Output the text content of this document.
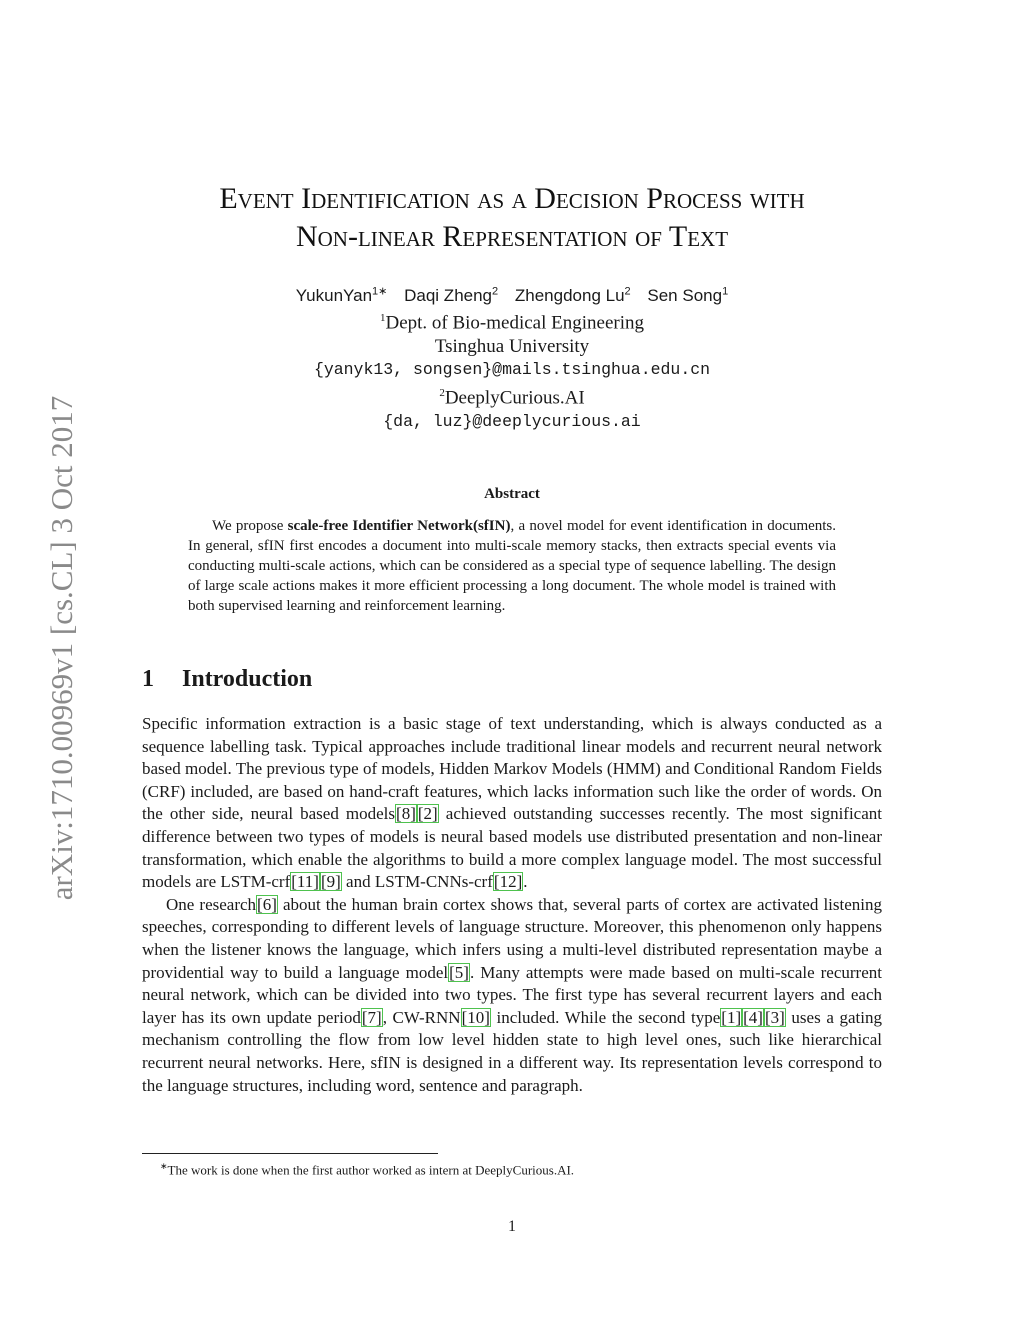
arXiv:1710.00969v1 [cs.CL] 3 Oct 2017
Event Identification as a Decision Process with
Non-linear Representation of Text
YukunYan$^{1∗}$ Daqi Zheng$^2$ Zhengdong Lu$^2$ Sen Song$^1$
$^1$Dept. of Bio-medical Engineering
Tsinghua University
{yanyk13, songsen}@mails.tsinghua.edu.cn
$^2$DeeplyCurious.AI
{da, luz}@deeplycurious.ai
Abstract

We propose scale-free Identifier Network(sfIN), a novel model for event identification in documents. In general, sfIN first encodes a document into multi-scale memory stacks, then extracts special events via conducting multi-scale actions, which can be considered as a special type of sequence labelling. The design of large scale actions makes it more efficient processing a long document. The whole model is trained with both supervised learning and reinforcement learning.

1 Introduction

Specific information extraction is a basic stage of text understanding, which is always conducted as a sequence labelling task. Typical approaches include traditional linear models and recurrent neural network based model. The previous type of models, Hidden Markov Models (HMM) and Conditional Random Fields (CRF) included, are based on hand-craft features, which lacks information such like the order of words. On the other side, neural based models[8] [2] achieved outstanding successes recently. The most significant difference between two types of models is neural based models use distributed presentation and non-linear transformation, which enable the algorithms to build a more complex language model. The most successful models are LSTM-crf[11] [9] and LSTM-CNNs-crf[12].

One research[6] about the human brain cortex shows that, several parts of cortex are activated listening speeches, corresponding to different levels of language structure. Moreover, this phenomenon only happens when the listener knows the language, which infers using a multi-level distributed representation maybe a providential way to build a language model[5]. Many attempts were made based on multi-scale recurrent neural network, which can be divided into two types. The first type has several recurrent layers and each layer has its own update period[7], CW-RNN[10] included. While the second type[1] [4] [3] uses a gating mechanism controlling the flow from low level hidden state to high level ones, such like hierarchical recurrent neural networks. Here, sfIN is designed in a different way. Its representation levels correspond to the language structures, including word, sentence and paragraph.

∗The work is done when the first author worked as intern at DeeplyCurious.AI.
1
